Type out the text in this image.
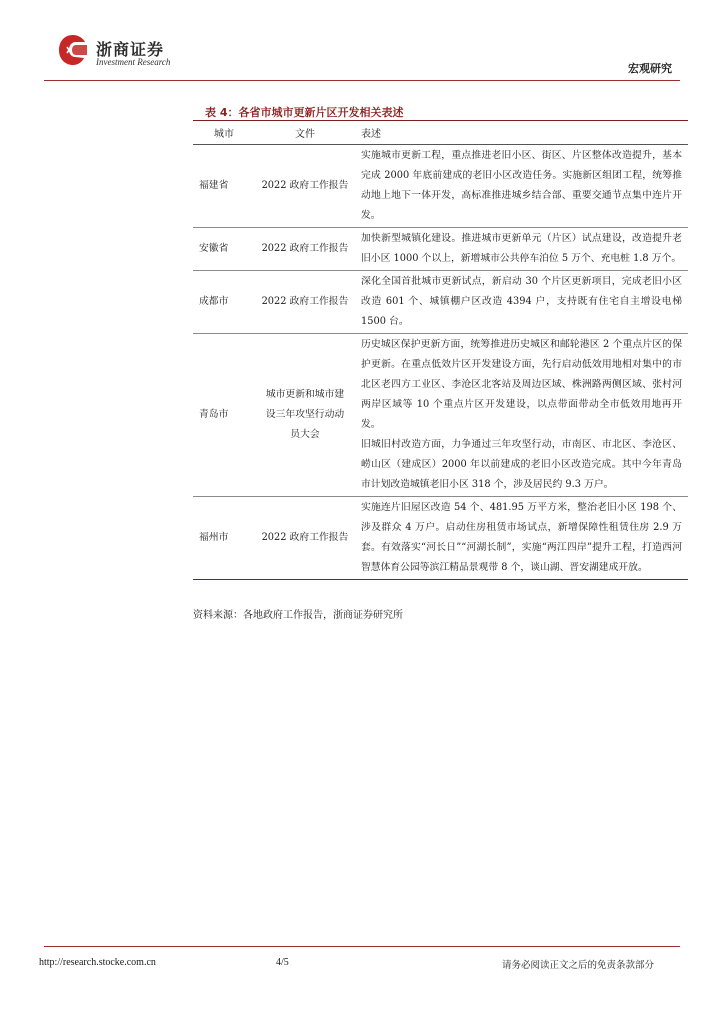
浙商证券
Investment Research	宏观研究
表 4：各省市城市更新片区开发相关表述
城市	文件	表述
福建省	2022 政府工作报告	实施城市更新工程，重点推进老旧小区、街区、片区整体改造提升，基本完成 2000 年底前建成的老旧小区改造任务。实施新区组团工程，统筹推动地上地下一体开发，高标准推进城乡结合部、重要交通节点集中连片开发。

安徽省	2022 政府工作报告	加快新型城镇化建设。推进城市更新单元（片区）试点建设，改造提升老旧小区 1000 个以上，新增城市公共停车泊位 5 万个、充电桩 1.8 万个。

成都市	2022 政府工作报告	深化全国首批城市更新试点，新启动 30 个片区更新项目，完成老旧小区改造 601 个、城镇棚户区改造 4394 户，支持既有住宅自主增设电梯 1500 台。

青岛市	城市更新和城市建设三年攻坚行动动员大会	历史城区保护更新方面，统筹推进历史城区和邮轮港区 2 个重点片区的保护更新。在重点低效片区开发建设方面，先行启动低效用地相对集中的市北区老四方工业区、李沧区北客站及周边区域、株洲路两侧区域、张村河两岸区域等 10 个重点片区开发建设，以点带面带动全市低效用地再开发。

旧城旧村改造方面，力争通过三年攻坚行动，市南区、市北区、李沧区、崂山区（建成区）2000 年以前建成的老旧小区改造完成。其中今年青岛市计划改造城镇老旧小区 318 个，涉及居民约 9.3 万户。

福州市	2022 政府工作报告	实施连片旧屋区改造 54 个、481.95 万平方米，整治老旧小区 198 个、涉及群众 4 万户。启动住房租赁市场试点，新增保障性租赁住房 2.9 万套。有效落实“河长日”“河湖长制”，实施“两江四岸”提升工程，打造西河智慧体育公园等滨江精品景观带 8 个，谈山湖、晋安湖建成开放。

资料来源：各地政府工作报告，浙商证券研究所
http://research.stocke.com.cn	4/5	请务必阅读正文之后的免责条款部分
